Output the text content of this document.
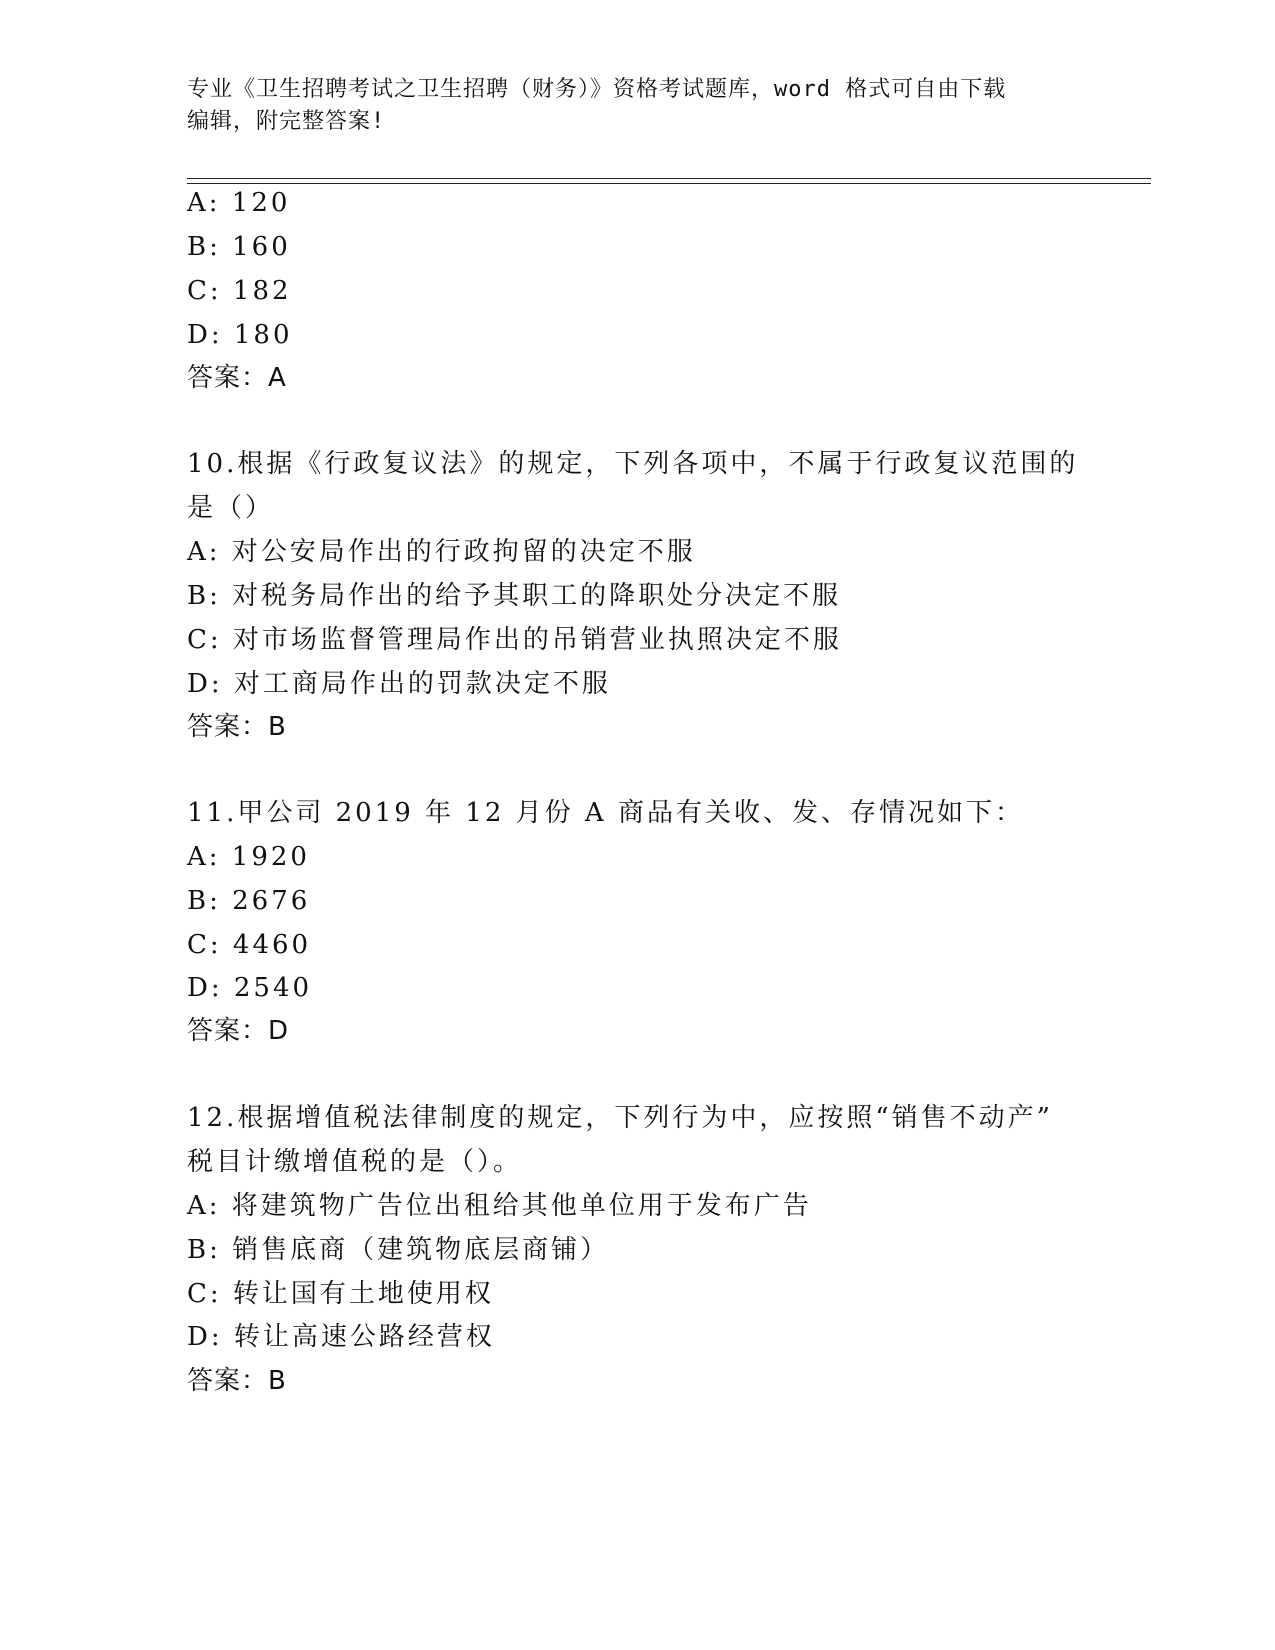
专业《卫生招聘考试之卫生招聘（财务）》资格考试题库，word 格式可自由下载
编辑，附完整答案!
A: 120
B: 160
C: 182
D: 180
答案：A
10.根据《行政复议法》的规定，下列各项中，不属于行政复议范围的
是（）
A: 对公安局作出的行政拘留的决定不服
B: 对税务局作出的给予其职工的降职处分决定不服
C: 对市场监督管理局作出的吊销营业执照决定不服
D: 对工商局作出的罚款决定不服
答案：B
11.甲公司 2019 年 12 月份 A 商品有关收、发、存情况如下：
A: 1920
B: 2676
C: 4460
D: 2540
答案：D
12.根据增值税法律制度的规定，下列行为中，应按照“销售不动产”
税目计缴增值税的是（）。
A: 将建筑物广告位出租给其他单位用于发布广告
B: 销售底商（建筑物底层商铺）
C: 转让国有土地使用权
D: 转让高速公路经营权
答案：B
